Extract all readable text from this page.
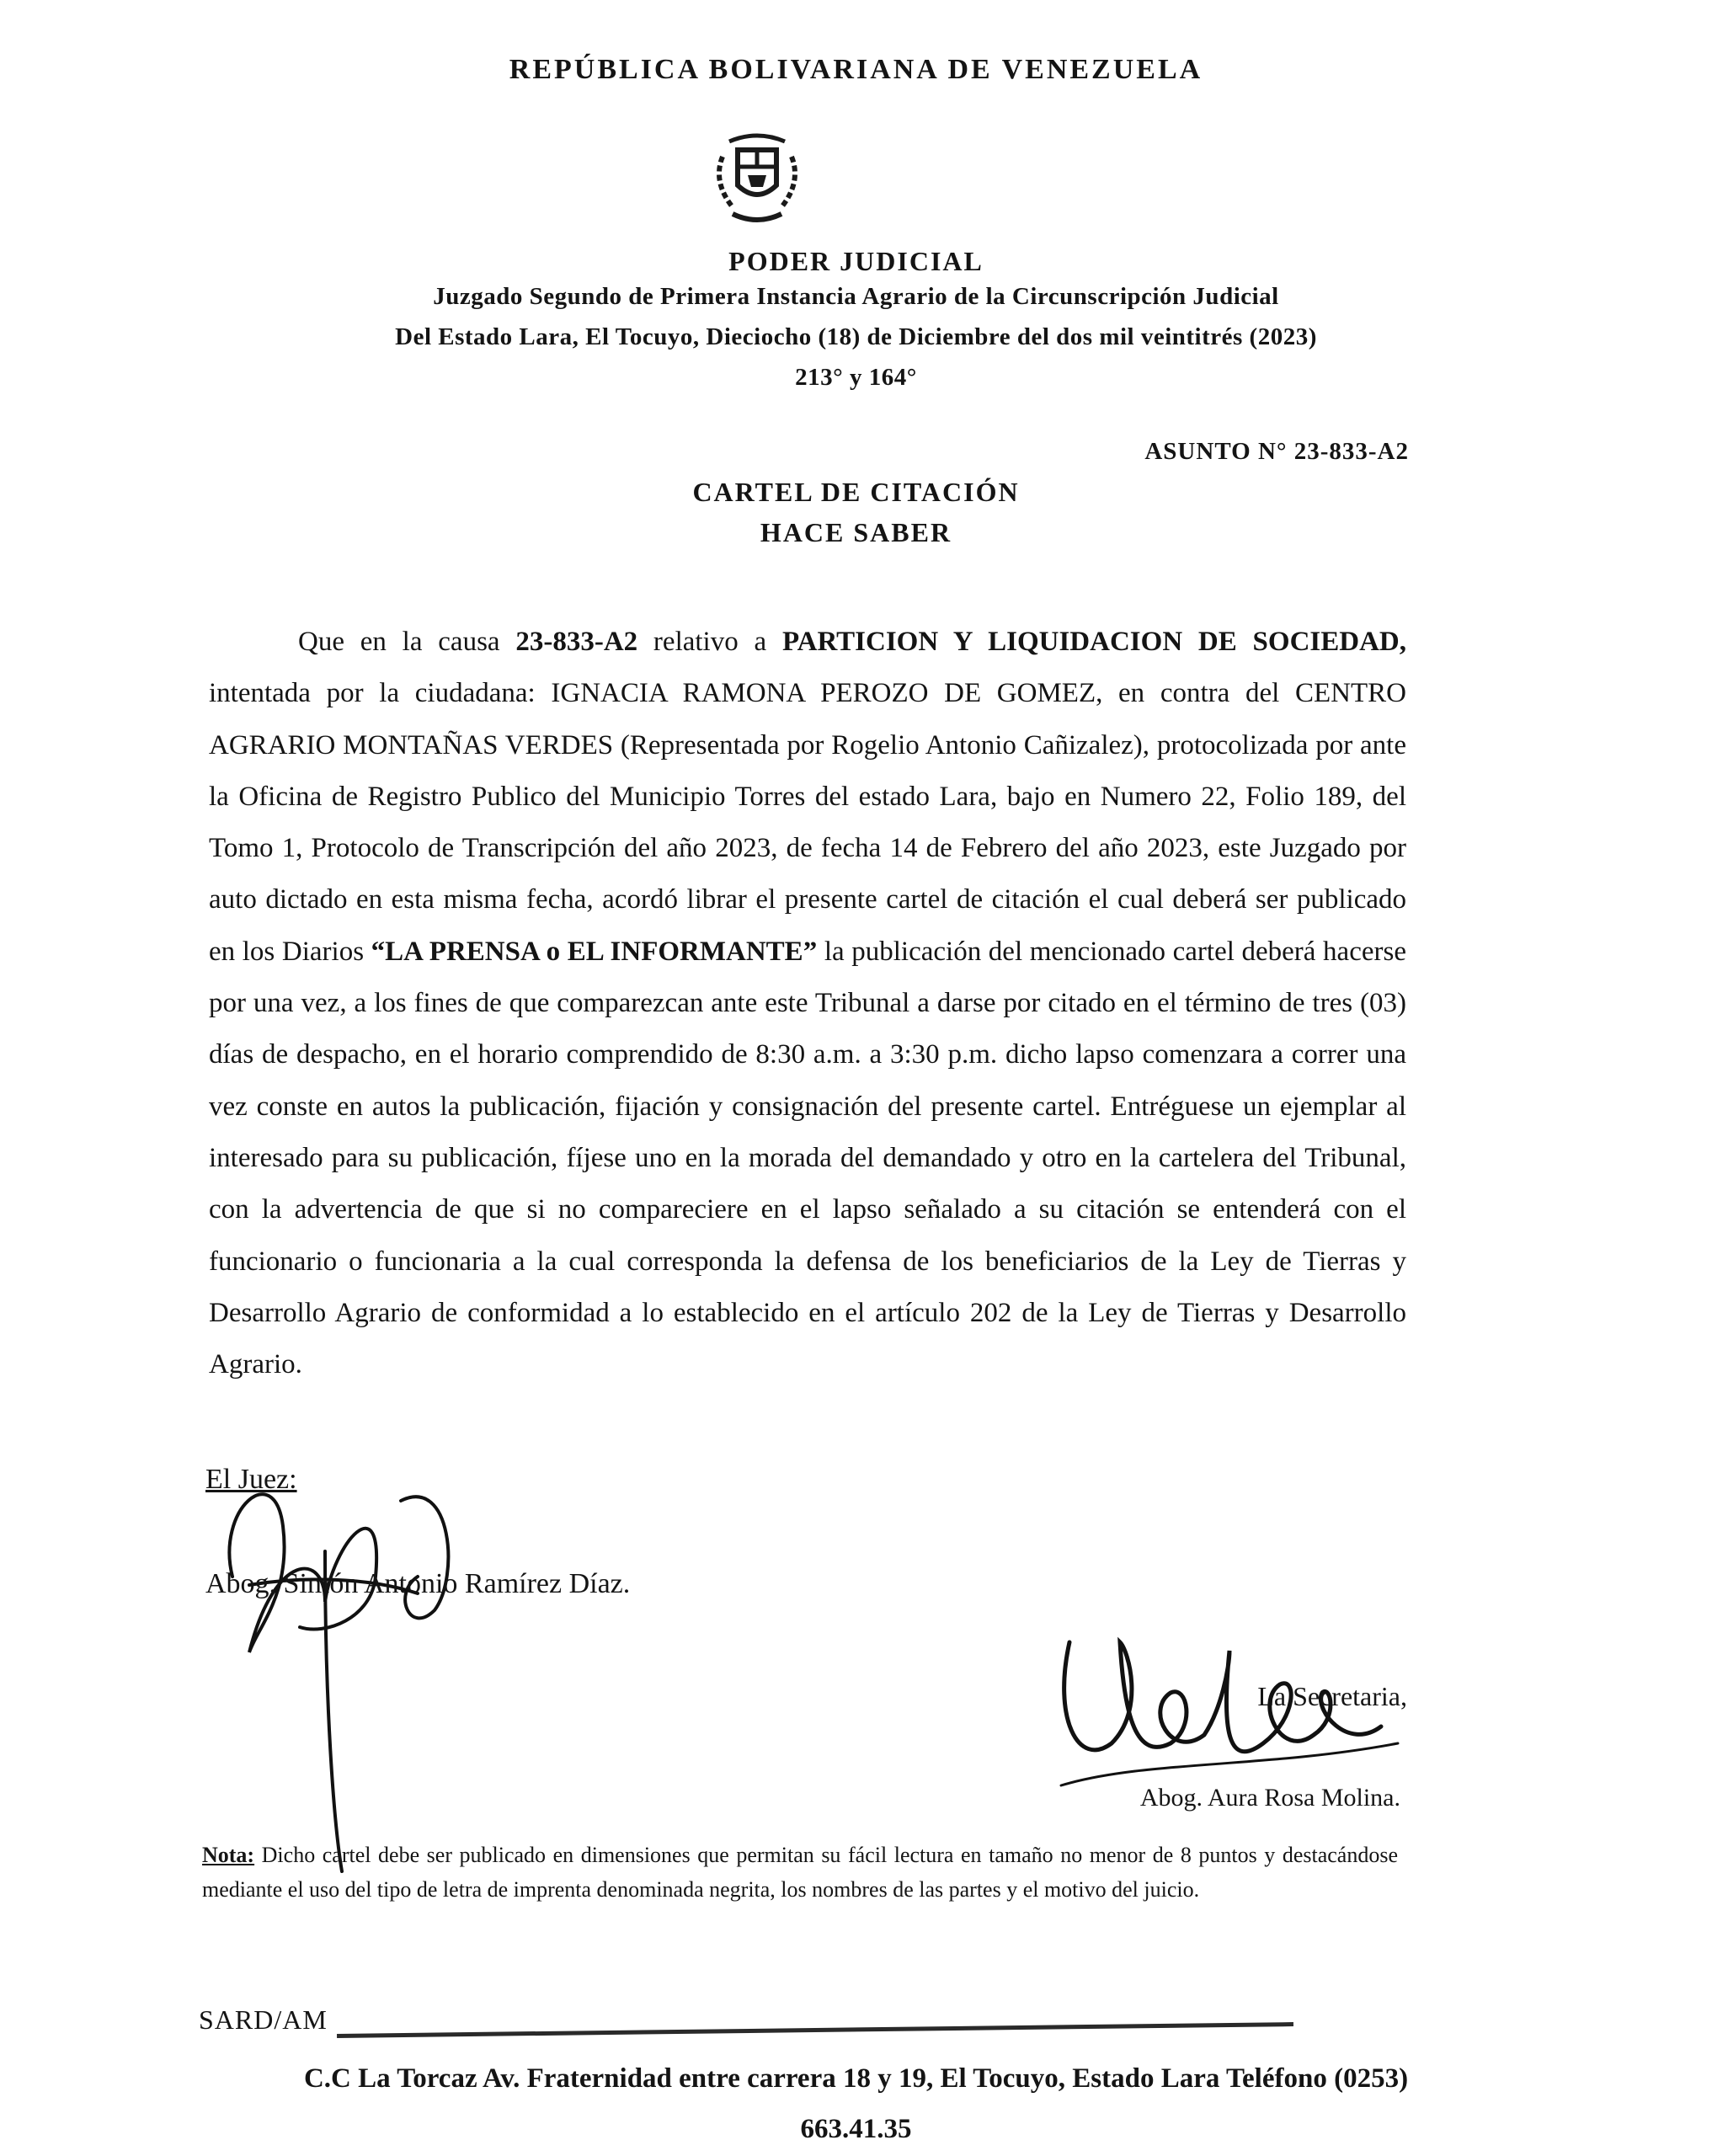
REPÚBLICA BOLIVARIANA DE VENEZUELA
PODER JUDICIAL
Juzgado Segundo de Primera Instancia Agrario de la Circunscripción Judicial
Del Estado Lara, El Tocuyo, Dieciocho (18) de Diciembre del dos mil veintitrés (2023)
213° y 164°
ASUNTO N° 23-833-A2
CARTEL DE CITACIÓN
HACE SABER

Que en la causa 23-833-A2 relativo a PARTICION Y LIQUIDACION DE SOCIEDAD, intentada por la ciudadana: IGNACIA RAMONA PEROZO DE GOMEZ, en contra del CENTRO AGRARIO MONTAÑAS VERDES (Representada por Rogelio Antonio Cañizalez), protocolizada por ante la Oficina de Registro Publico del Municipio Torres del estado Lara, bajo en Numero 22, Folio 189, del Tomo 1, Protocolo de Transcripción del año 2023, de fecha 14 de Febrero del año 2023, este Juzgado por auto dictado en esta misma fecha, acordó librar el presente cartel de citación el cual deberá ser publicado en los Diarios “LA PRENSA o EL INFORMANTE” la publicación del mencionado cartel deberá hacerse por una vez, a los fines de que comparezcan ante este Tribunal a darse por citado en el término de tres (03) días de despacho, en el horario comprendido de 8:30 a.m. a 3:30 p.m. dicho lapso comenzara a correr una vez conste en autos la publicación, fijación y consignación del presente cartel. Entréguese un ejemplar al interesado para su publicación, fíjese uno en la morada del demandado y otro en la cartelera del Tribunal, con la advertencia de que si no compareciere en el lapso señalado a su citación se entenderá con el funcionario o funcionaria a la cual corresponda la defensa de los beneficiarios de la Ley de Tierras y Desarrollo Agrario de conformidad a lo establecido en el artículo 202 de la Ley de Tierras y Desarrollo Agrario.

El Juez:
Abog. Simón Antonio Ramírez Díaz.
La Secretaria,
Abog. Aura Rosa Molina.

Nota: Dicho cartel debe ser publicado en dimensiones que permitan su fácil lectura en tamaño no menor de 8 puntos y destacándose mediante el uso del tipo de letra de imprenta denominada negrita, los nombres de las partes y el motivo del juicio.

SARD/AM
C.C La Torcaz Av. Fraternidad entre carrera 18 y 19, El Tocuyo, Estado Lara Teléfono (0253)
663.41.35
